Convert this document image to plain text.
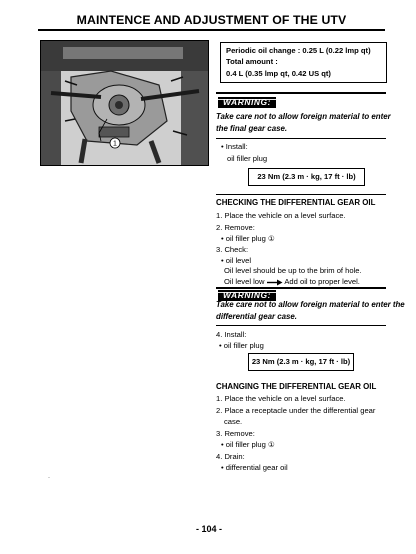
MAINTENCE AND ADJUSTMENT OF THE UTV
1
Periodic oil change : 0.25 L (0.22 lmp qt)
Total amount :
0.4 L (0.35 lmp qt, 0.42 US qt)
WARNING:
Take care not to allow foreign material to enter
the final gear case.
• Install:
oil filler plug
23 Nm (2.3 m · kg, 17 ft · lb)
CHECKING THE DIFFERENTIAL GEAR OIL
1. Place the vehicle on a level surface.
2. Remove:
• oil filler plug ①
3. Check:
• oil level
Oil level should be up to the brim of hole.
Oil level low	Add oil to proper level.
WARNING:
Take care not to allow foreign material to enter the
differential gear case.
4. Install:
• oil filler plug
23 Nm (2.3 m · kg, 17 ft · lb)
CHANGING THE DIFFERENTIAL GEAR OIL
1. Place the vehicle on a level surface.
2. Place a receptacle under the differential gear
case.
3. Remove:
• oil filler plug ①
4. Drain:
• differential gear oil
·
- 104 -
